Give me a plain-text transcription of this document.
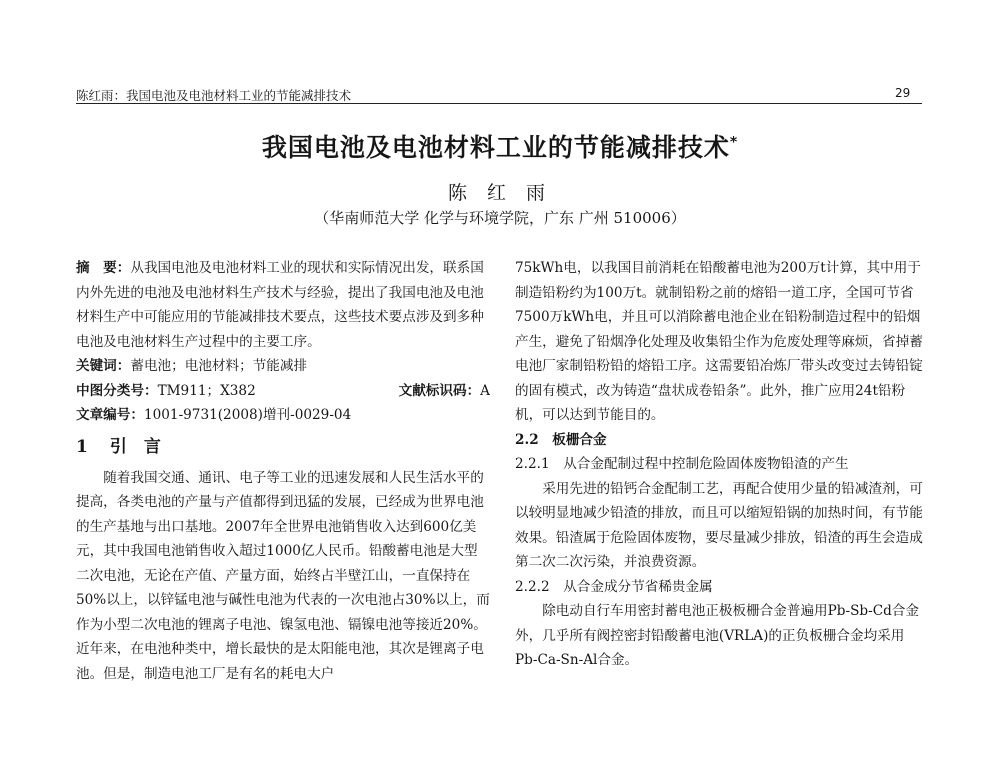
陈红雨：我国电池及电池材料工业的节能减排技术	29
我国电池及电池材料工业的节能减排技术*
陈 红 雨
（华南师范大学 化学与环境学院，广东 广州 510006）

摘　要：从我国电池及电池材料工业的现状和实际情况出发，联系国内外先进的电池及电池材料生产技术与经验，提出了我国电池及电池材料生产中可能应用的节能减排技术要点，这些技术要点涉及到多种电池及电池材料生产过程中的主要工序。

关键词：蓄电池；电池材料；节能减排

中图分类号：TM911；X382	文献标识码：A

文章编号：1001-9731(2008)增刊-0029-04

1 引　言

随着我国交通、通讯、电子等工业的迅速发展和人民生活水平的提高，各类电池的产量与产值都得到迅猛的发展，已经成为世界电池的生产基地与出口基地。2007年全世界电池销售收入达到600亿美元，其中我国电池销售收入超过1000亿人民币。铅酸蓄电池是大型二次电池，无论在产值、产量方面，始终占半壁江山，一直保持在50%以上，以锌锰电池与碱性电池为代表的一次电池占30%以上，而作为小型二次电池的锂离子电池、镍氢电池、镉镍电池等接近20%。近年来，在电池种类中，增长最快的是太阳能电池，其次是锂离子电池。但是，制造电池工厂是有名的耗电大户

75kWh电，以我国目前消耗在铅酸蓄电池为200万t计算，其中用于制造铅粉约为100万t。就制铅粉之前的熔铅一道工序，全国可节省7500万kWh电，并且可以消除蓄电池企业在铅粉制造过程中的铅烟产生，避免了铅烟净化处理及收集铅尘作为危废处理等麻烦，省掉蓄电池厂家制铅粉铅的熔铅工序。这需要铅冶炼厂带头改变过去铸铅锭的固有模式，改为铸造“盘状成卷铅条”。此外，推广应用24t铅粉机，可以达到节能目的。

2.2　 板栅合金

2.2.1　 从合金配制过程中控制危险固体废物铅渣的产生

采用先进的铅钙合金配制工艺，再配合使用少量的铅减渣剂，可以较明显地减少铅渣的排放，而且可以缩短铅锅的加热时间，有节能效果。铅渣属于危险固体废物，要尽量减少排放，铅渣的再生会造成第二次二次污染，并浪费资源。

2.2.2　 从合金成分节省稀贵金属

除电动自行车用密封蓄电池正极板栅合金普遍用Pb-Sb-Cd合金外，几乎所有阀控密封铅酸蓄电池(VRLA)的正负板栅合金均采用Pb-Ca-Sn-Al合金。
